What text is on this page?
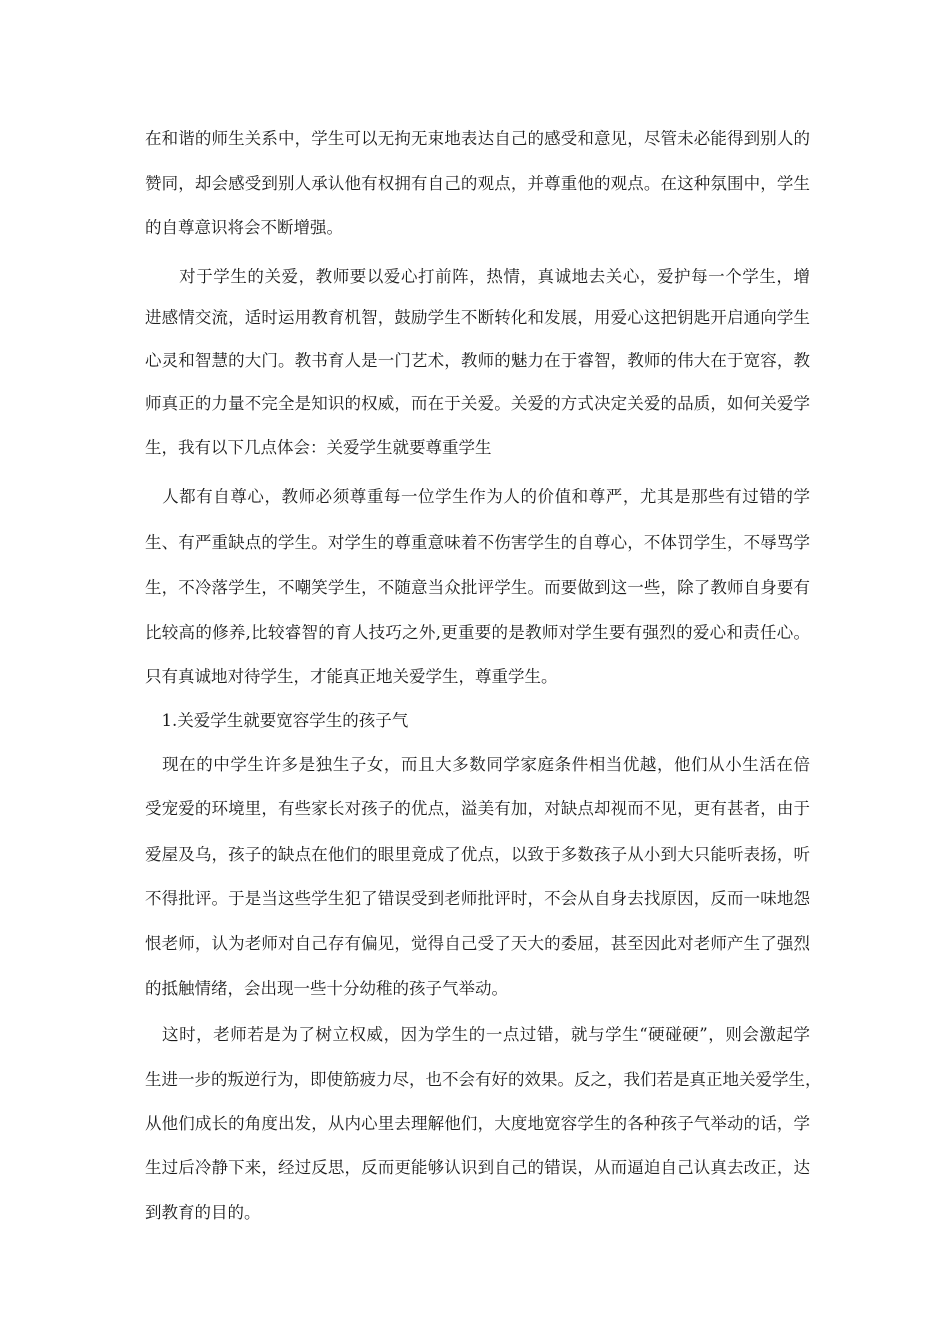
在和谐的师生关系中，学生可以无拘无束地表达自己的感受和意见，尽管未必能得到别人的
赞同，却会感受到别人承认他有权拥有自己的观点，并尊重他的观点。在这种氛围中，学生
的自尊意识将会不断增强。
　　对于学生的关爱，教师要以爱心打前阵，热情，真诚地去关心，爱护每一个学生，增
进感情交流，适时运用教育机智，鼓励学生不断转化和发展，用爱心这把钥匙开启通向学生
心灵和智慧的大门。教书育人是一门艺术，教师的魅力在于睿智，教师的伟大在于宽容，教
师真正的力量不完全是知识的权威，而在于关爱。关爱的方式决定关爱的品质，如何关爱学
生，我有以下几点体会：关爱学生就要尊重学生
　人都有自尊心，教师必须尊重每一位学生作为人的价值和尊严，尤其是那些有过错的学
生、有严重缺点的学生。对学生的尊重意味着不伤害学生的自尊心，不体罚学生，不辱骂学
生，不冷落学生，不嘲笑学生，不随意当众批评学生。而要做到这一些，除了教师自身要有
比较高的修养,比较睿智的育人技巧之外,更重要的是教师对学生要有强烈的爱心和责任心。
只有真诚地对待学生，才能真正地关爱学生，尊重学生。
　1.关爱学生就要宽容学生的孩子气
　现在的中学生许多是独生子女，而且大多数同学家庭条件相当优越，他们从小生活在倍
受宠爱的环境里，有些家长对孩子的优点，溢美有加，对缺点却视而不见，更有甚者，由于
爱屋及乌，孩子的缺点在他们的眼里竟成了优点，以致于多数孩子从小到大只能听表扬，听
不得批评。于是当这些学生犯了错误受到老师批评时，不会从自身去找原因，反而一味地怨
恨老师，认为老师对自己存有偏见，觉得自己受了天大的委屈，甚至因此对老师产生了强烈
的抵触情绪，会出现一些十分幼稚的孩子气举动。
　这时，老师若是为了树立权威，因为学生的一点过错，就与学生“硬碰硬”，则会激起学
生进一步的叛逆行为，即使筋疲力尽，也不会有好的效果。反之，我们若是真正地关爱学生，
从他们成长的角度出发，从内心里去理解他们，大度地宽容学生的各种孩子气举动的话，学
生过后冷静下来，经过反思，反而更能够认识到自己的错误，从而逼迫自己认真去改正，达
到教育的目的。
